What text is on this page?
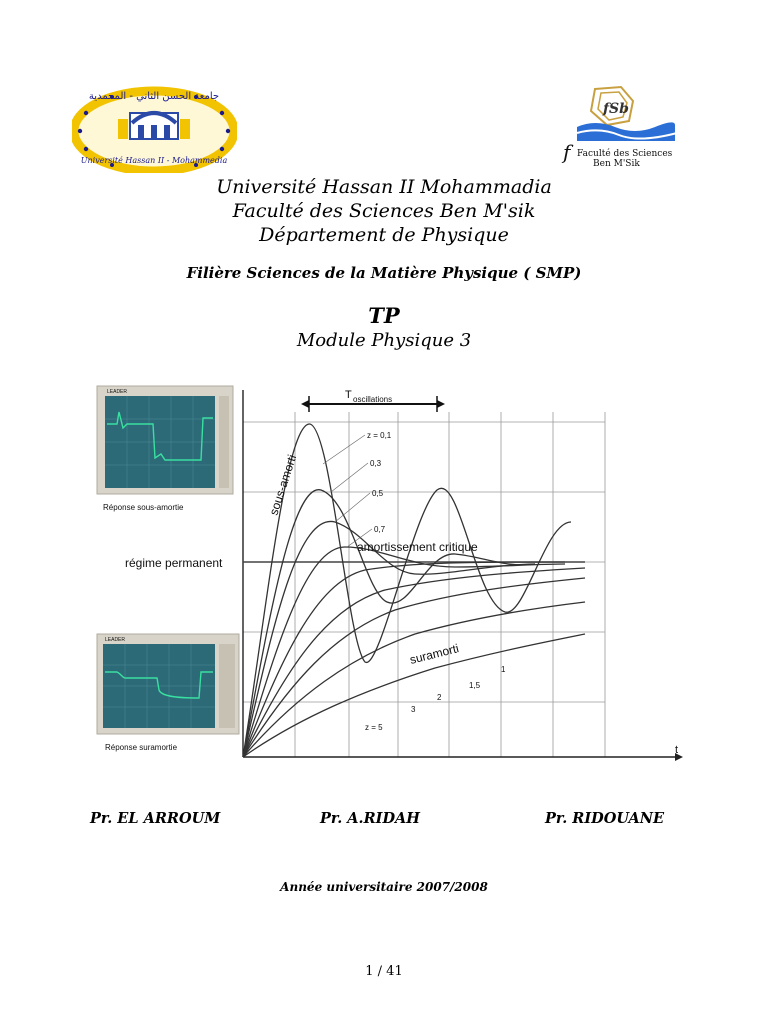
جامعة الحسن الثاني - المحمدية
Université Hassan II - Mohammedia
fSb
f Faculté des Sciences
Ben M'Sik
Université Hassan II Mohammadia
Faculté des Sciences Ben M'sik
Département de Physique
Filière Sciences de la Matière Physique ( SMP)
TP
Module Physique 3
t
T oscillations
z = 0,1
0,3
0,5
0,7
1
1,5
2
3
z = 5
sous-amorti
amortissement critique
régime permanent
suramorti
LEADER
Réponse sous-amortie
LEADER
Réponse suramortie
Pr. EL ARROUM	Pr. A.RIDAH	Pr. RIDOUANE
Année universitaire 2007/2008
1 / 41
